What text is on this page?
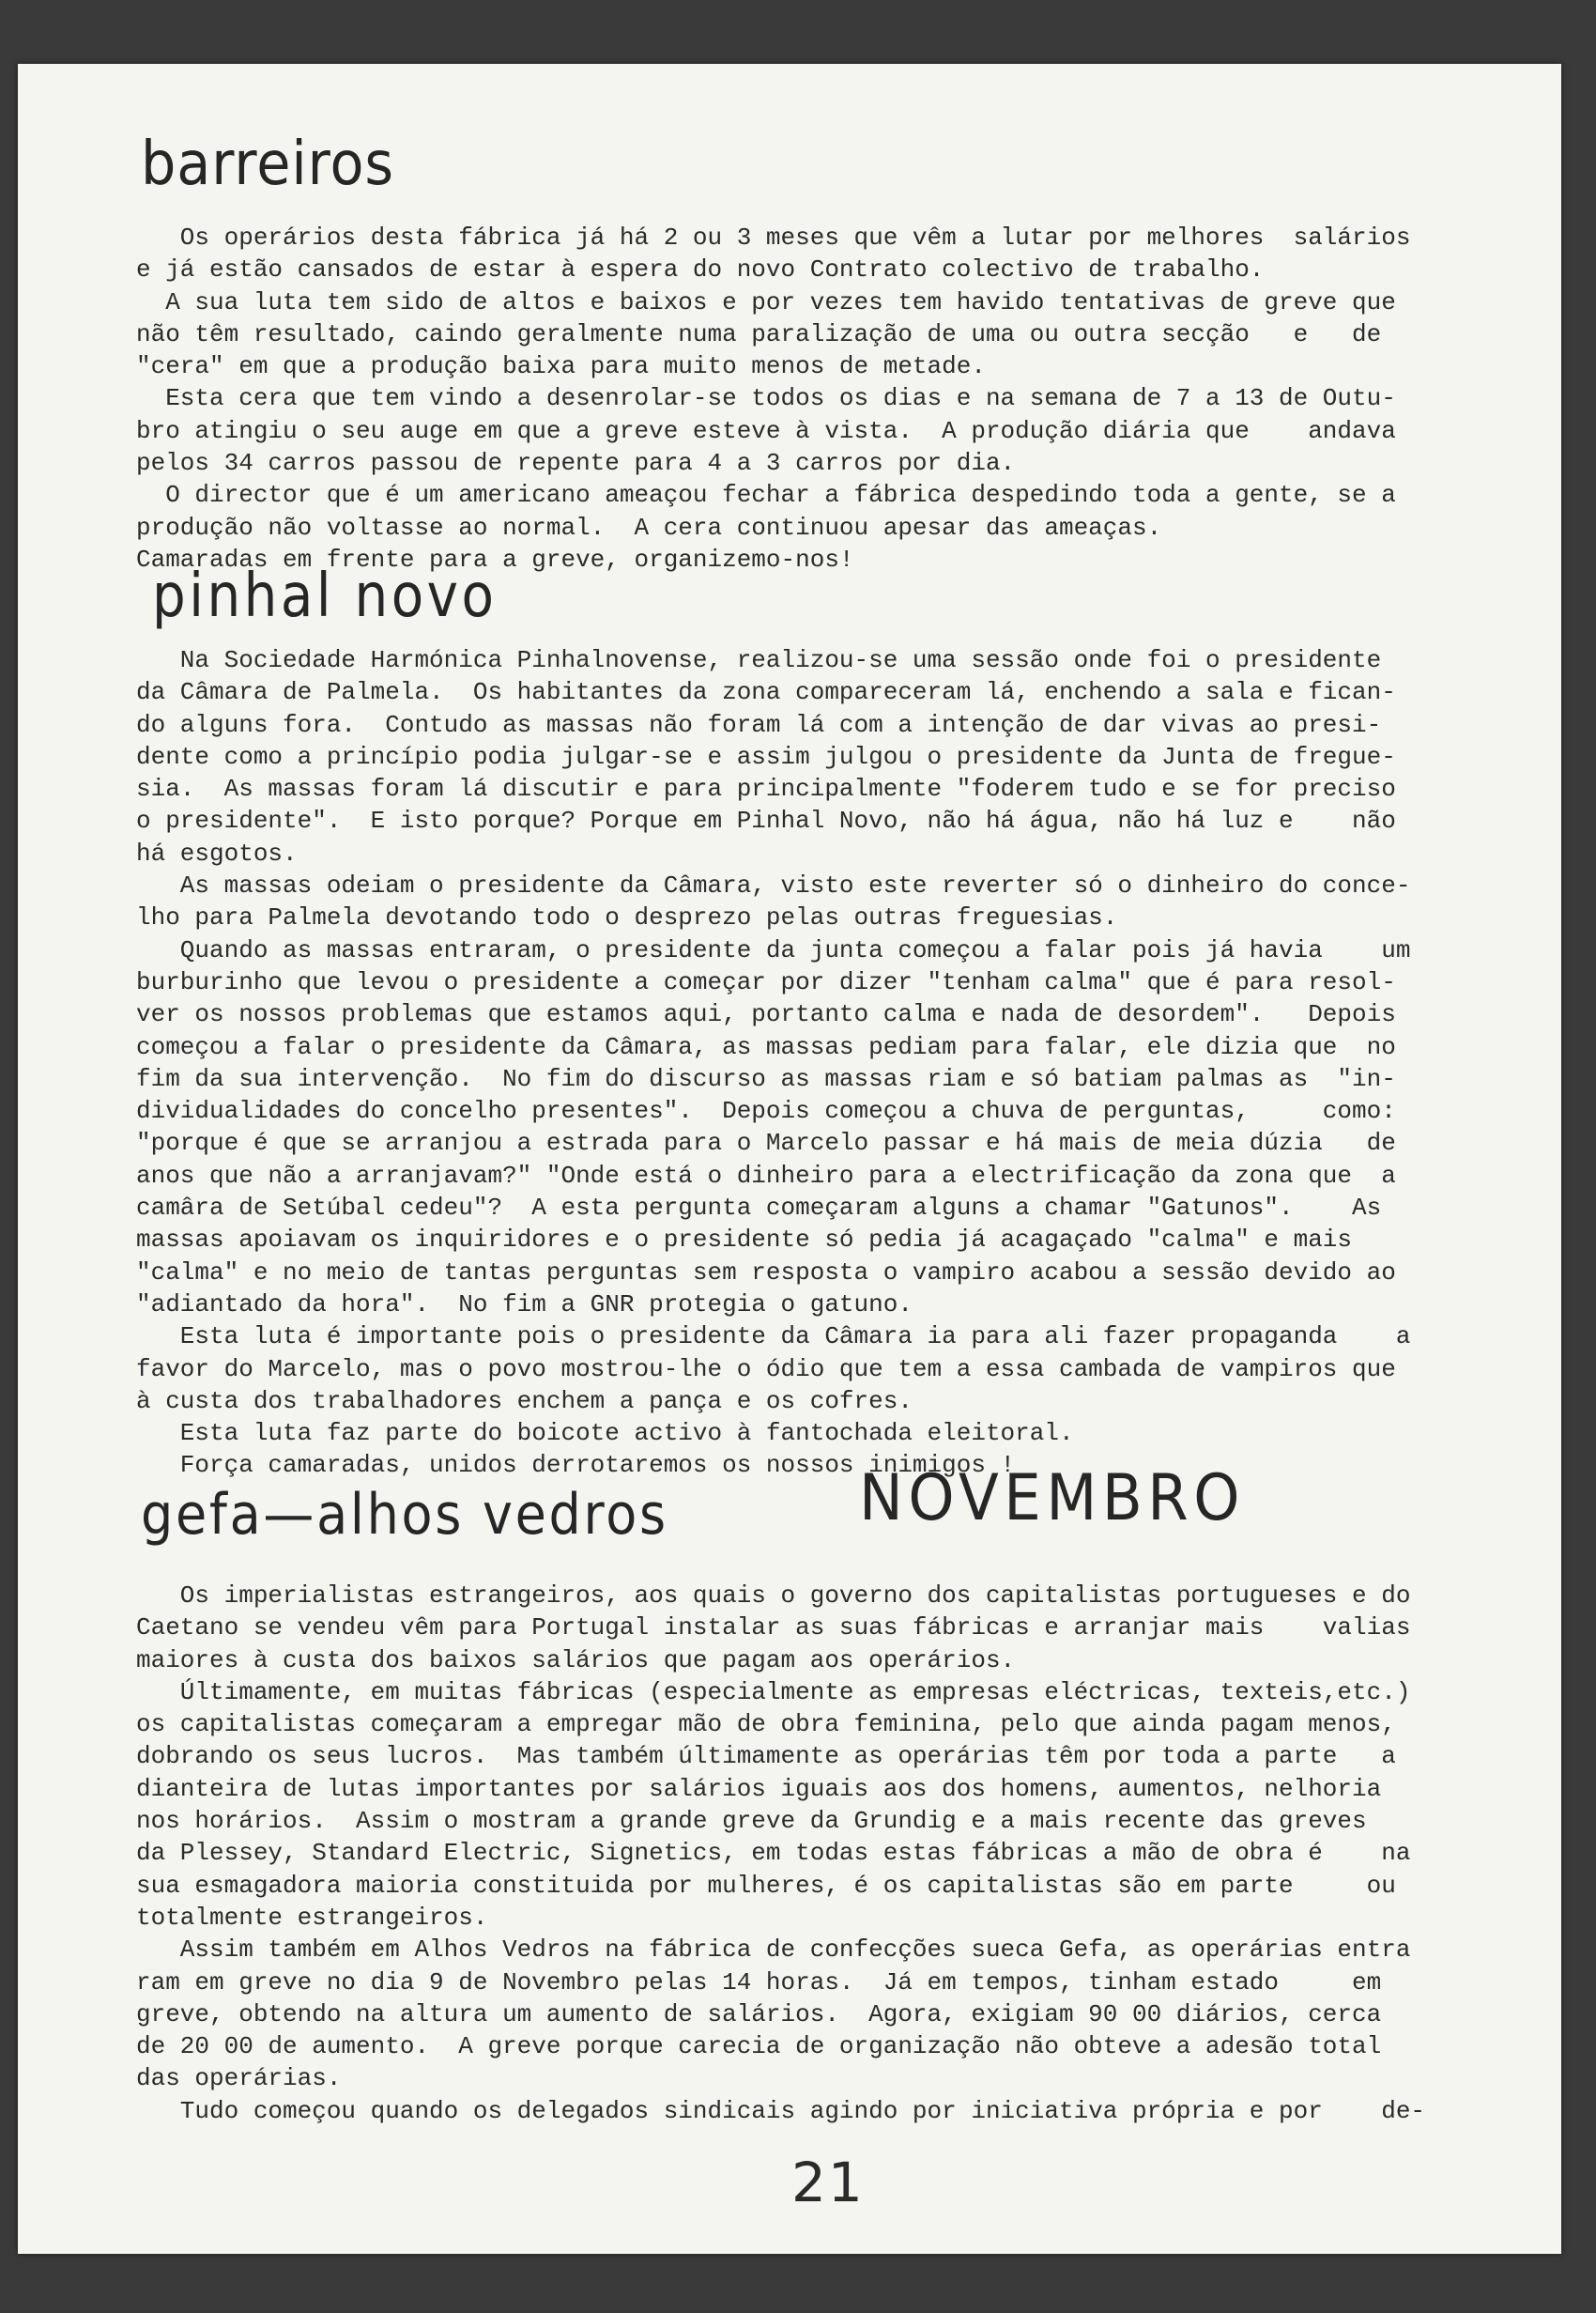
barreiros

Os operários desta fábrica já há 2 ou 3 meses que vêm a lutar por melhores  salários

e já estão cansados de estar à espera do novo Contrato colectivo de trabalho.

A sua luta tem sido de altos e baixos e por vezes tem havido tentativas de greve que

não têm resultado, caindo geralmente numa paralização de uma ou outra secção   e   de

"cera" em que a produção baixa para muito menos de metade.

Esta cera que tem vindo a desenrolar-se todos os dias e na semana de 7 a 13 de Outu-

bro atingiu o seu auge em que a greve esteve à vista.  A produção diária que    andava

pelos 34 carros passou de repente para 4 a 3 carros por dia.

O director que é um americano ameaçou fechar a fábrica despedindo toda a gente, se a

produção não voltasse ao normal.  A cera continuou apesar das ameaças.

Camaradas em frente para a greve, organizemo-nos!

pinhal novo

Na Sociedade Harmónica Pinhalnovense, realizou-se uma sessão onde foi o presidente

da Câmara de Palmela.  Os habitantes da zona compareceram lá, enchendo a sala e fican-

do alguns fora.  Contudo as massas não foram lá com a intenção de dar vivas ao presi-

dente como a princípio podia julgar-se e assim julgou o presidente da Junta de fregue-

sia.  As massas foram lá discutir e para principalmente "foderem tudo e se for preciso

o presidente".  E isto porque? Porque em Pinhal Novo, não há água, não há luz e    não

há esgotos.

As massas odeiam o presidente da Câmara, visto este reverter só o dinheiro do conce-

lho para Palmela devotando todo o desprezo pelas outras freguesias.

Quando as massas entraram, o presidente da junta começou a falar pois já havia    um

burburinho que levou o presidente a começar por dizer "tenham calma" que é para resol-

ver os nossos problemas que estamos aqui, portanto calma e nada de desordem".   Depois

começou a falar o presidente da Câmara, as massas pediam para falar, ele dizia que  no

fim da sua intervenção.  No fim do discurso as massas riam e só batiam palmas as  "in-

dividualidades do concelho presentes".  Depois começou a chuva de perguntas,     como:

"porque é que se arranjou a estrada para o Marcelo passar e há mais de meia dúzia   de

anos que não a arranjavam?" "Onde está o dinheiro para a electrificação da zona que  a

camâra de Setúbal cedeu"?  A esta pergunta começaram alguns a chamar "Gatunos".    As

massas apoiavam os inquiridores e o presidente só pedia já acagaçado "calma" e mais

"calma" e no meio de tantas perguntas sem resposta o vampiro acabou a sessão devido ao

"adiantado da hora".  No fim a GNR protegia o gatuno.

Esta luta é importante pois o presidente da Câmara ia para ali fazer propaganda    a

favor do Marcelo, mas o povo mostrou-lhe o ódio que tem a essa cambada de vampiros que

à custa dos trabalhadores enchem a pança e os cofres.

Esta luta faz parte do boicote activo à fantochada eleitoral.

Força camaradas, unidos derrotaremos os nossos inimigos !

gefa—alhos vedros	NOVEMBRO

Os imperialistas estrangeiros, aos quais o governo dos capitalistas portugueses e do

Caetano se vendeu vêm para Portugal instalar as suas fábricas e arranjar mais    valias

maiores à custa dos baixos salários que pagam aos operários.

Últimamente, em muitas fábricas (especialmente as empresas eléctricas, texteis,etc.)

os capitalistas começaram a empregar mão de obra feminina, pelo que ainda pagam menos,

dobrando os seus lucros.  Mas também últimamente as operárias têm por toda a parte   a

dianteira de lutas importantes por salários iguais aos dos homens, aumentos, nelhoria

nos horários.  Assim o mostram a grande greve da Grundig e a mais recente das greves

da Plessey, Standard Electric, Signetics, em todas estas fábricas a mão de obra é    na

sua esmagadora maioria constituida por mulheres, é os capitalistas são em parte     ou

totalmente estrangeiros.

Assim também em Alhos Vedros na fábrica de confecções sueca Gefa, as operárias entra

ram em greve no dia 9 de Novembro pelas 14 horas.  Já em tempos, tinham estado     em

greve, obtendo na altura um aumento de salários.  Agora, exigiam 90 00 diários, cerca

de 20 00 de aumento.  A greve porque carecia de organização não obteve a adesão total

das operárias.

Tudo começou quando os delegados sindicais agindo por iniciativa própria e por    de-

21
